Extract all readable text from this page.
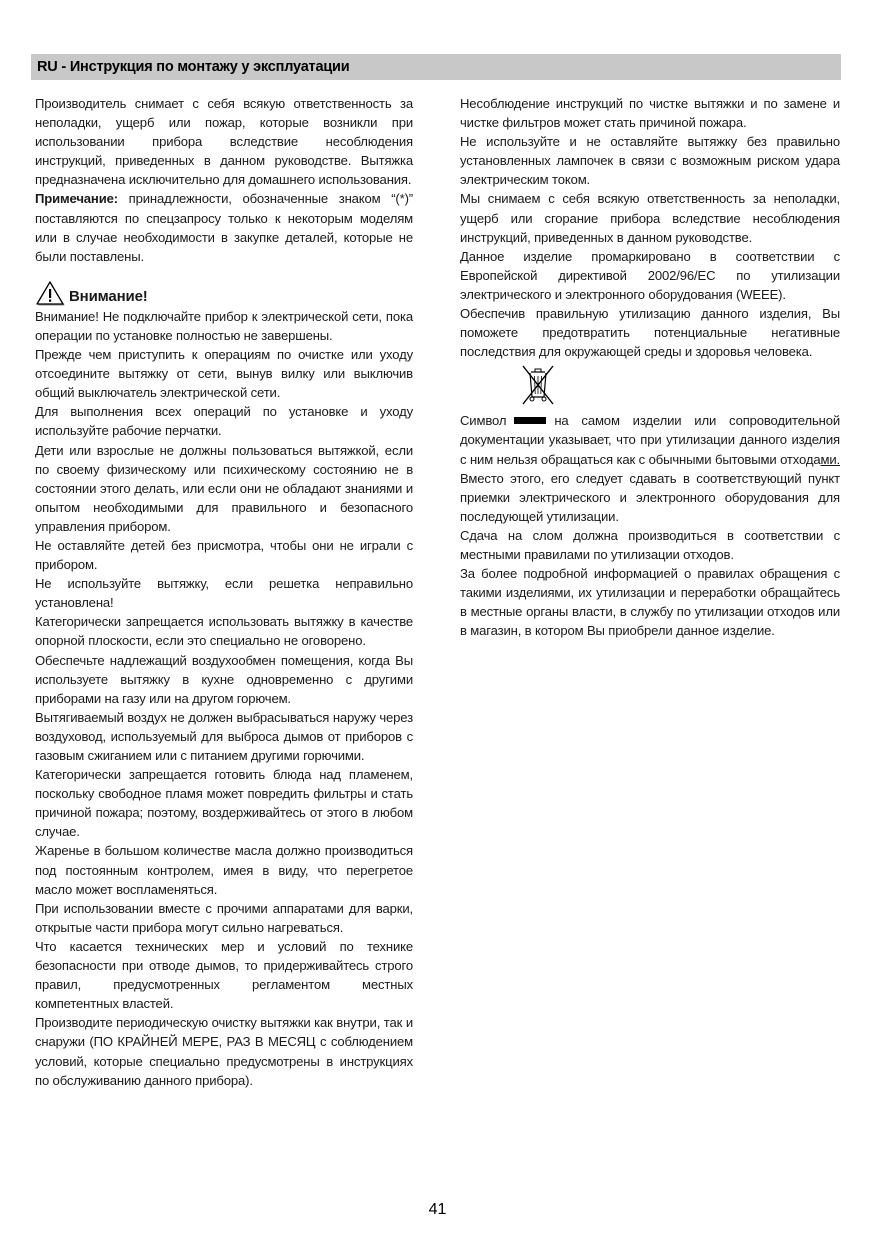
RU - Инструкция по монтажу у эксплуатации

Производитель снимает с себя всякую ответственность за неполадки, ущерб или пожар, которые возникли при использовании прибора вследствие несоблюдения инструкций, приведенных в данном руководстве. Вытяжка предназначена исключительно для домашнего использования.

Примечание: принадлежности, обозначенные знаком “(*)” поставляются по спецзапросу только к некоторым моделям или в случае необходимости в закупке деталей, которые не были поставлены.

Внимание!

Внимание! Не подключайте прибор к электрической сети, пока операции по установке полностью не завершены.

Прежде чем приступить к операциям по очистке или уходу отсоедините вытяжку от сети, вынув вилку или выключив общий выключатель электрической сети.

Для выполнения всех операций по установке и уходу используйте рабочие перчатки.

Дети или взрослые не должны пользоваться вытяжкой, если по своему физическому или психическому состоянию не в состоянии этого делать, или если они не обладают знаниями и опытом необходимыми для правильного и безопасного управления прибором.

Не оставляйте детей без присмотра, чтобы они не играли с прибором.

Не используйте вытяжку, если решетка неправильно установлена!

Категорически запрещается использовать вытяжку в качестве опорной плоскости, если это специально не оговорено.

Обеспечьте надлежащий воздухообмен помещения, когда Вы используете вытяжку в кухне одновременно с другими приборами на газу или на другом горючем.

Вытягиваемый воздух не должен выбрасываться наружу через воздуховод, используемый для выброса дымов от приборов с газовым сжиганием или с питанием другими горючими.

Категорически запрещается готовить блюда над пламенем, поскольку свободное пламя может повредить фильтры и стать причиной пожара; поэтому, воздерживайтесь от этого в любом случае.

Жаренье в большом количестве масла должно производиться под постоянным контролем, имея в виду, что перегретое масло может воспламеняться.

При использовании вместе с прочими аппаратами для варки, открытые части прибора могут сильно нагреваться.

Что касается технических мер и условий по технике безопасности при отводе дымов, то придерживайтесь строго правил, предусмотренных регламентом местных компетентных властей.

Производите периодическую очистку вытяжки как внутри, так и снаружи (ПО КРАЙНЕЙ МЕРЕ, РАЗ В МЕСЯЦ с соблюдением условий, которые специально предусмотрены в инструкциях по обслуживанию данного прибора).

Несоблюдение инструкций по чистке вытяжки и по замене и чистке фильтров может стать причиной пожара.

Не используйте и не оставляйте вытяжку без правильно установленных лампочек в связи с возможным риском удара электрическим током.

Мы снимаем с себя всякую ответственность за неполадки, ущерб или сгорание прибора вследствие несоблюдения инструкций, приведенных в данном руководстве.

Данное изделие промаркировано в соответствии с Европейской директивой 2002/96/EC по утилизации электрического и электронного оборудования (WEEE).

Обеспечив правильную утилизацию данного изделия, Вы поможете предотвратить потенциальные негативные последствия для окружающей среды и здоровья человека.

Символ	на самом изделии или сопроводительной документации указывает, что при утилизации данного изделия с ним нельзя обращаться как с обычными бытовыми отходами. Вместо этого, его следует сдавать в соответствующий пункт приемки электрического и электронного оборудования для последующей утилизации.

Сдача на слом должна производиться в соответствии с местными правилами по утилизации отходов.

За более подробной информацией о правилах обращения с такими изделиями, их утилизации и переработки обращайтесь в местные органы власти, в службу по утилизации отходов или в магазин, в котором Вы приобрели данное изделие.

41
